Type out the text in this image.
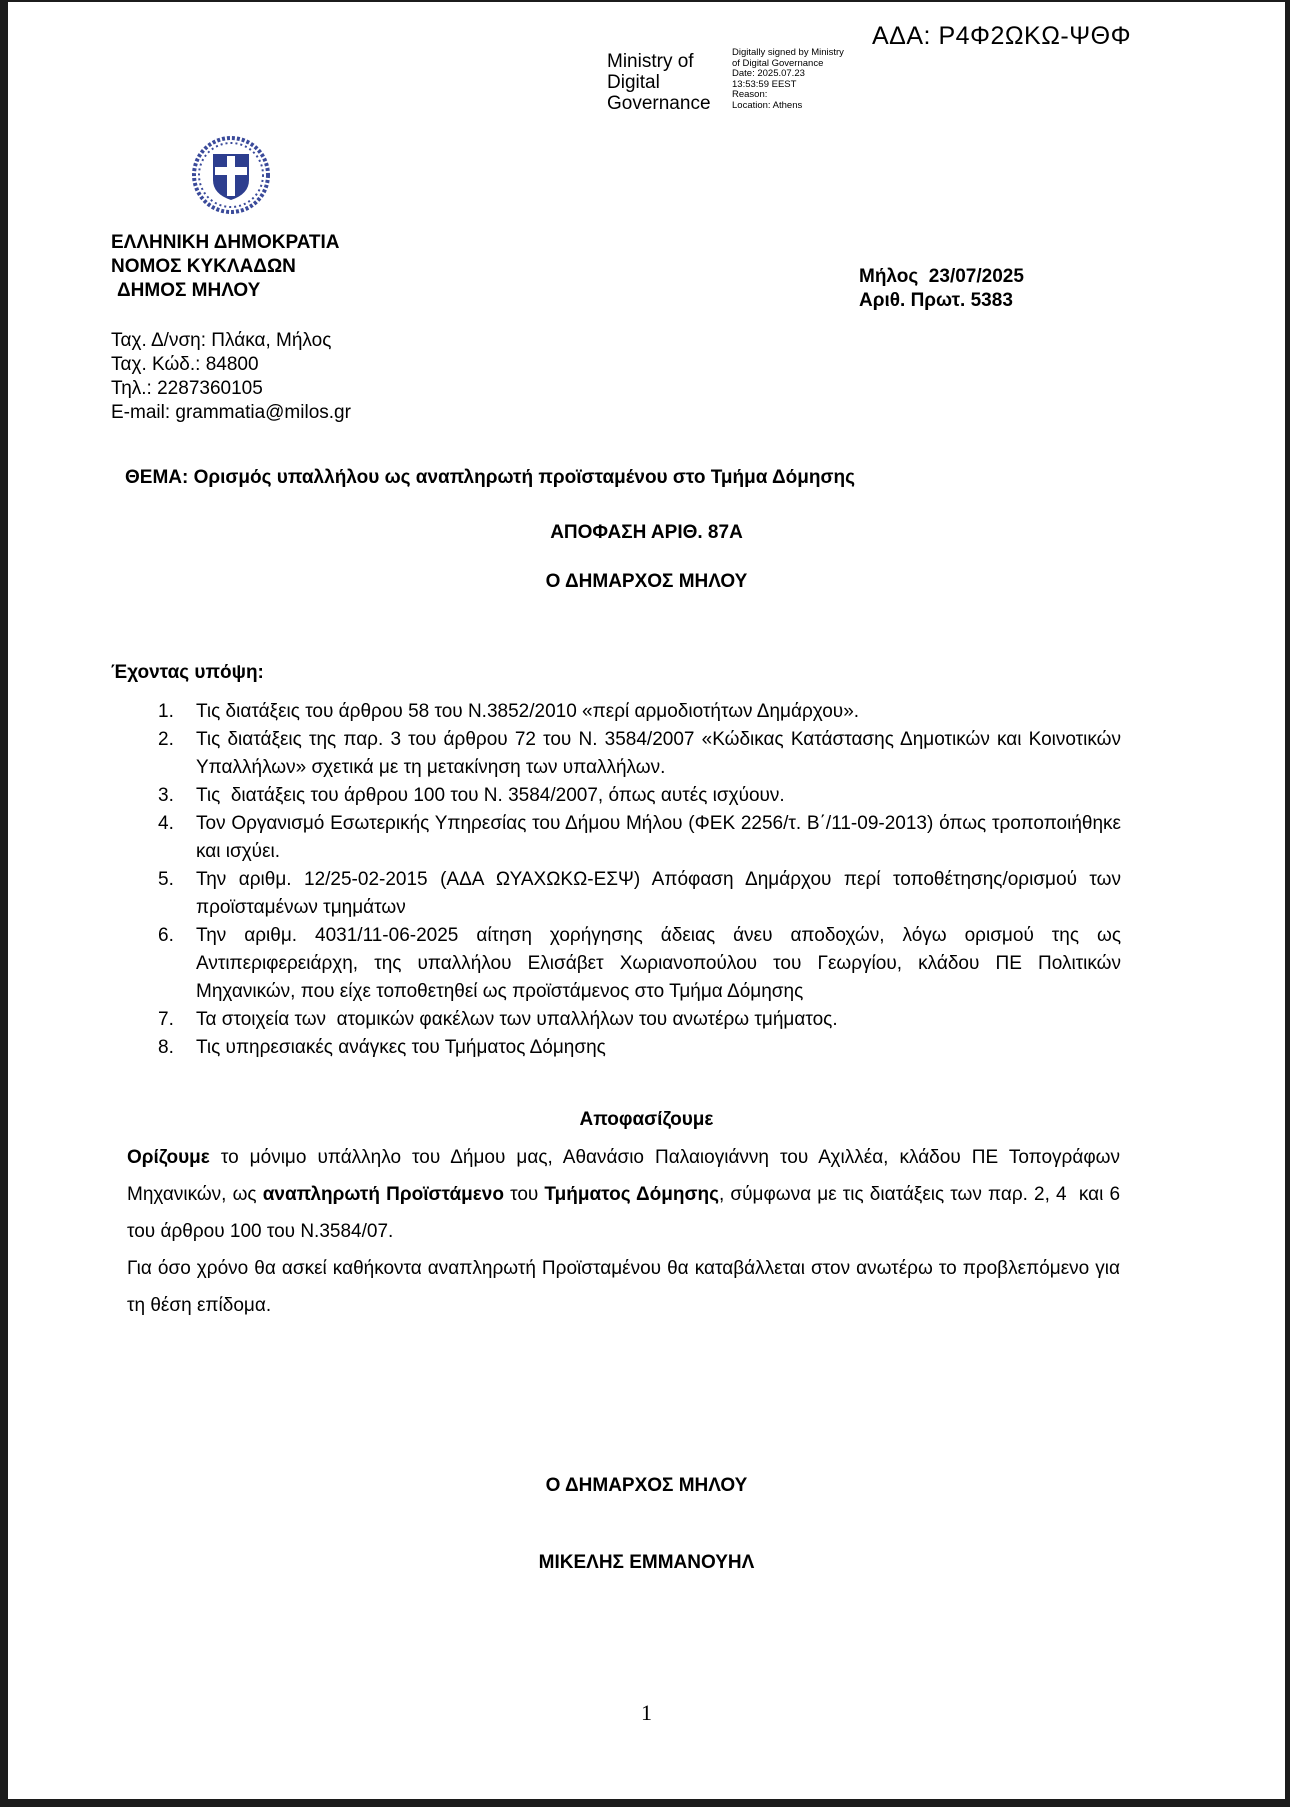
ΑΔΑ: Ρ4Φ2ΩΚΩ-ΨΘΦ
Ministry of
Digital
Governance
Digitally signed by Ministry
of Digital Governance
Date: 2025.07.23
13:53:59 EEST
Reason:
Location: Athens
ΕΛΛΗΝΙΚΗ ΔΗΜΟΚΡΑΤΙΑ
ΝΟΜΟΣ ΚΥΚΛΑΔΩΝ
ΔΗΜΟΣ ΜΗΛΟΥ
Μήλος  23/07/2025
Αριθ. Πρωτ. 5383
Ταχ. Δ/νση: Πλάκα, Μήλος
Ταχ. Κώδ.: 84800
Τηλ.: 2287360105
E-mail: grammatia@milos.gr
ΘΕΜΑ: Ορισμός υπαλλήλου ως αναπληρωτή προϊσταμένου στο Τμήμα Δόμησης
ΑΠΟΦΑΣΗ ΑΡΙΘ. 87Α
Ο ΔΗΜΑΡΧΟΣ ΜΗΛΟΥ
Έχοντας υπόψη:
1. Τις διατάξεις του άρθρου 58 του Ν.3852/2010 «περί αρμοδιοτήτων Δημάρχου».
2. Τις διατάξεις της παρ. 3 του άρθρου 72 του Ν. 3584/2007 «Κώδικας Κατάστασης Δημοτικών και Κοινοτικών Υπαλλήλων» σχετικά με τη μετακίνηση των υπαλλήλων.
3. Τις  διατάξεις του άρθρου 100 του Ν. 3584/2007, όπως αυτές ισχύουν.
4. Τον Οργανισμό Εσωτερικής Υπηρεσίας του Δήμου Μήλου (ΦΕΚ 2256/τ. Β΄/11-09-2013) όπως τροποποιήθηκε και ισχύει.
5. Την αριθμ. 12/25-02-2015 (ΑΔΑ ΩΥΑΧΩΚΩ-ΕΣΨ) Απόφαση Δημάρχου περί τοποθέτησης/ορισμού των προϊσταμένων τμημάτων
6. Την αριθμ. 4031/11-06-2025 αίτηση χορήγησης άδειας άνευ αποδοχών, λόγω ορισμού της ως Αντιπεριφερειάρχη, της υπαλλήλου Ελισάβετ Χωριανοπούλου του Γεωργίου, κλάδου ΠΕ Πολιτικών Μηχανικών, που είχε τοποθετηθεί ως προϊστάμενος στο Τμήμα Δόμησης
7. Τα στοιχεία των  ατομικών φακέλων των υπαλλήλων του ανωτέρω τμήματος.
8. Τις υπηρεσιακές ανάγκες του Τμήματος Δόμησης
Αποφασίζουμε

Ορίζουμε το μόνιμο υπάλληλο του Δήμου μας, Αθανάσιο Παλαιογιάννη του Αχιλλέα, κλάδου ΠΕ Τοπογράφων Μηχανικών, ως αναπληρωτή Προϊστάμενο του Τμήματος Δόμησης, σύμφωνα με τις διατάξεις των παρ. 2, 4  και 6 του άρθρου 100 του Ν.3584/07.

Για όσο χρόνο θα ασκεί καθήκοντα αναπληρωτή Προϊσταμένου θα καταβάλλεται στον ανωτέρω το προβλεπόμενο για τη θέση επίδομα.

Ο ΔΗΜΑΡΧΟΣ ΜΗΛΟΥ
ΜΙΚΕΛΗΣ ΕΜΜΑΝΟΥΗΛ
1
